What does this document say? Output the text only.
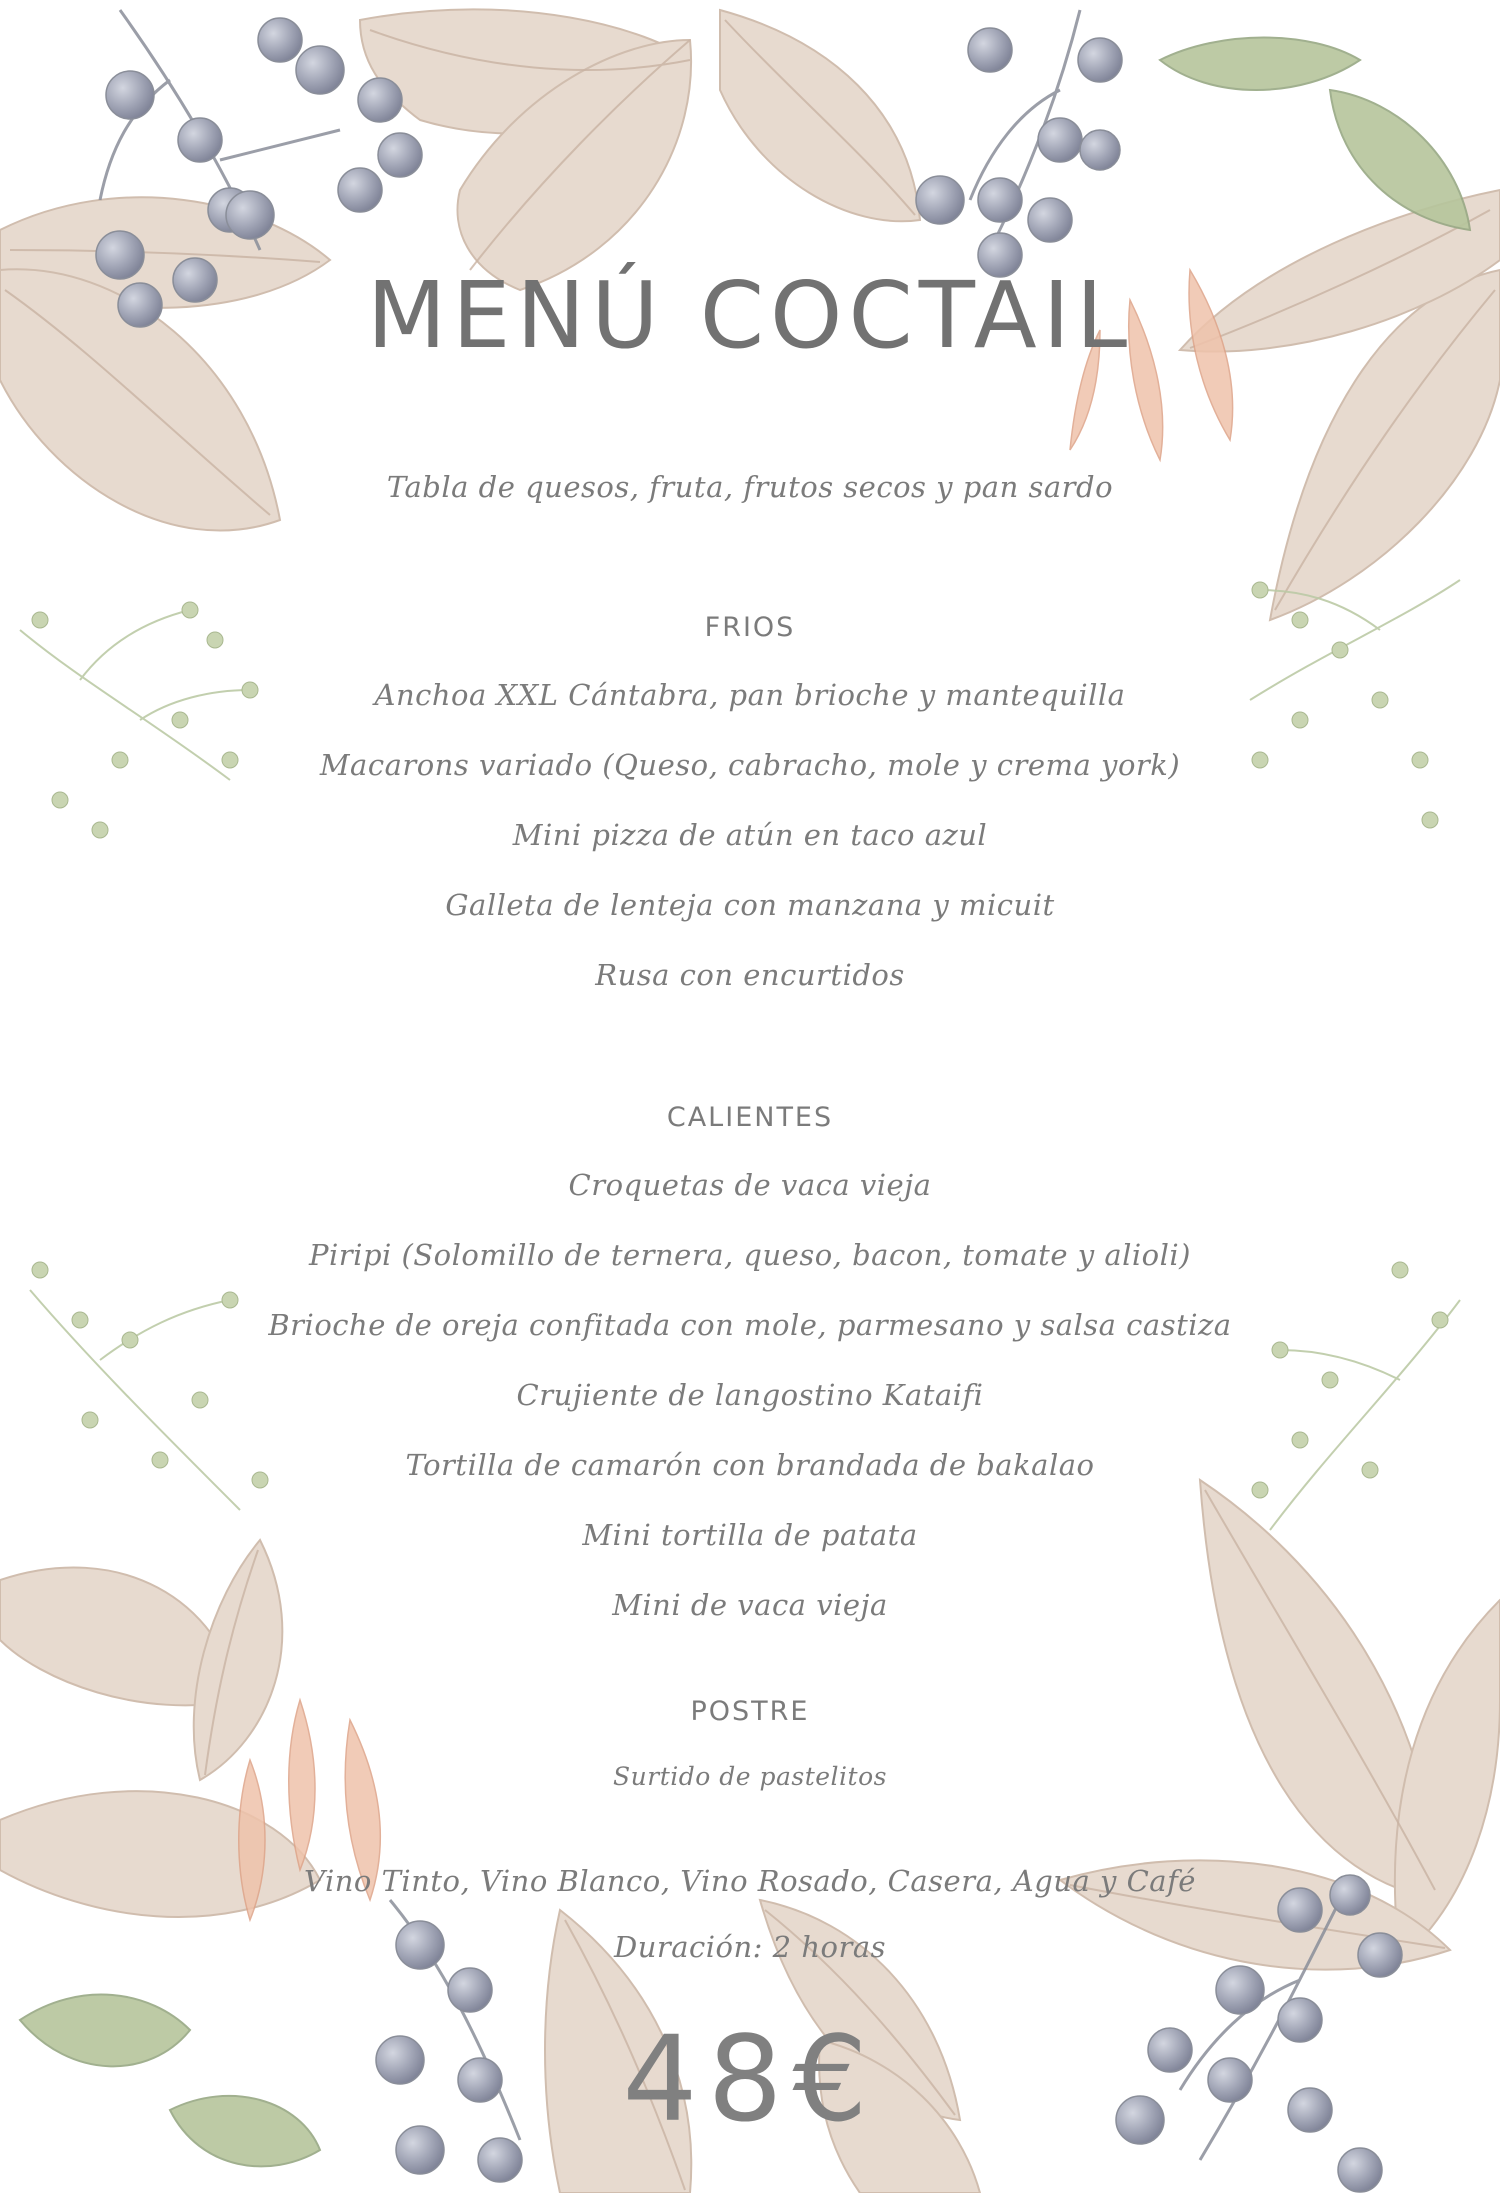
MENÚ COCTAIL
Tabla de quesos, fruta, frutos secos y pan sardo
FRIOS
Anchoa XXL Cántabra, pan brioche y mantequilla
Macarons variado (Queso, cabracho, mole y crema york)
Mini pizza de atún en taco azul
Galleta de lenteja con manzana y micuit
Rusa con encurtidos
CALIENTES
Croquetas de vaca vieja
Piripi (Solomillo de ternera, queso, bacon, tomate y alioli)
Brioche de oreja confitada con mole, parmesano y salsa castiza
Crujiente de langostino Kataifi
Tortilla de camarón con brandada de bakalao
Mini tortilla de patata
Mini de vaca vieja
POSTRE
Surtido de pastelitos
Vino Tinto, Vino Blanco, Vino Rosado, Casera, Agua y Café
Duración: 2 horas
48€
